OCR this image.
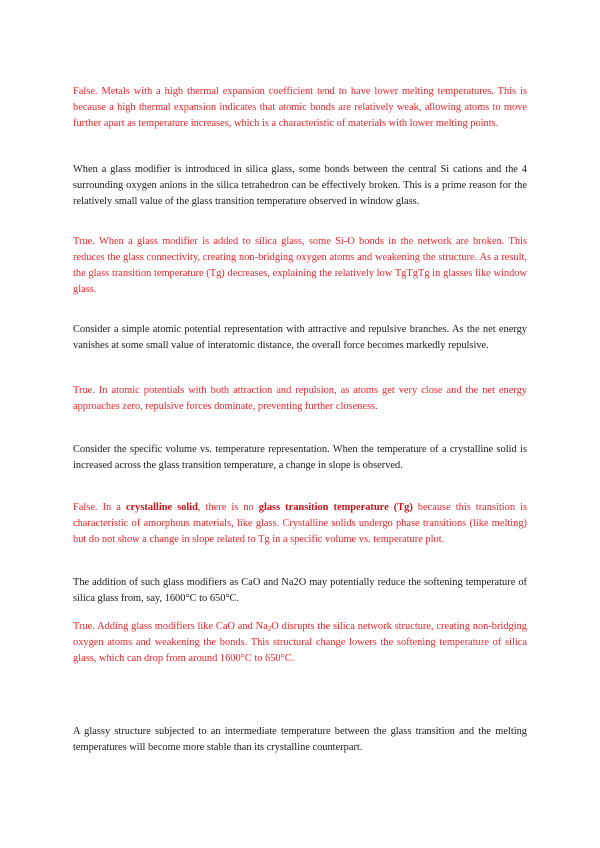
False. Metals with a high thermal expansion coefficient tend to have lower melting temperatures. This is because a high thermal expansion indicates that atomic bonds are relatively weak, allowing atoms to move further apart as temperature increases, which is a characteristic of materials with lower melting points.

When a glass modifier is introduced in silica glass, some bonds between the central Si cations and the 4 surrounding oxygen anions in the silica tetrahedron can be effectively broken. This is a prime reason for the relatively small value of the glass transition temperature observed in window glass.

True. When a glass modifier is added to silica glass, some Si-O bonds in the network are broken. This reduces the glass connectivity, creating non-bridging oxygen atoms and weakening the structure. As a result, the glass transition temperature (Tg) decreases, explaining the relatively low TgTgTg in glasses like window glass.

Consider a simple atomic potential representation with attractive and repulsive branches. As the net energy vanishes at some small value of interatomic distance, the overall force becomes markedly repulsive.

True. In atomic potentials with both attraction and repulsion, as atoms get very close and the net energy approaches zero, repulsive forces dominate, preventing further closeness.

Consider the specific volume vs. temperature representation. When the temperature of a crystalline solid is increased across the glass transition temperature, a change in slope is observed.

False. In a crystalline solid, there is no glass transition temperature (Tg) because this transition is characteristic of amorphous materials, like glass. Crystalline solids undergo phase transitions (like melting) but do not show a change in slope related to Tg in a specific volume vs. temperature plot.

The addition of such glass modifiers as CaO and Na2O may potentially reduce the softening temperature of silica glass from, say, 1600°C to 650°C.

True. Adding glass modifiers like CaO and $Na_2O$ disrupts the silica network structure, creating non-bridging oxygen atoms and weakening the bonds. This structural change lowers the softening temperature of silica glass, which can drop from around 1600°C to 650°C.

A glassy structure subjected to an intermediate temperature between the glass transition and the melting temperatures will become more stable than its crystalline counterpart.
